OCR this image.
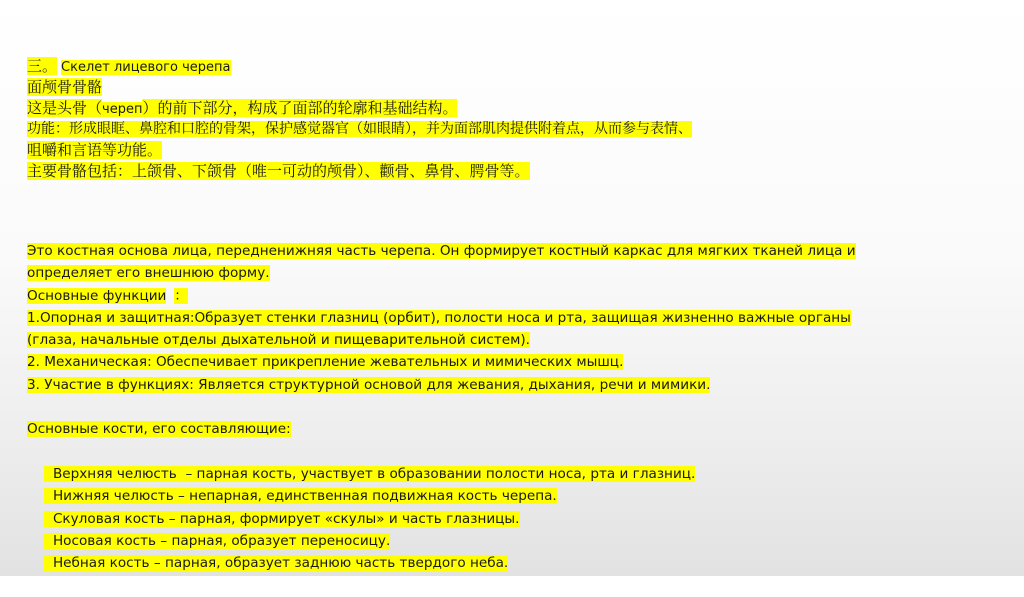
三。 Скелет лицевого черепа
面颅骨骨骼
这是头骨（череп）的前下部分，构成了面部的轮廓和基础结构。
功能：形成眼眶、鼻腔和口腔的骨架，保护感觉器官（如眼睛），并为面部肌肉提供附着点，从而参与表情、
咀嚼和言语等功能。
主要骨骼包括：上颌骨、下颌骨（唯一可动的颅骨）、颧骨、鼻骨、腭骨等。
Это костная основа лица, передненижняя часть черепа. Он формирует костный каркас для мягких тканей лица и
определяет его внешнюю форму.
Основные функции ：
1.Опорная и защитная:Образует стенки глазниц (орбит), полости носа и рта, защищая жизненно важные органы
(глаза, начальные отделы дыхательной и пищеварительной систем).
2. Механическая: Обеспечивает прикрепление жевательных и мимических мышц.
3. Участие в функциях: Является структурной основой для жевания, дыхания, речи и мимики.
Основные кости, его составляющие:

Верхняя челюсть  – парная кость, участвует в образовании полости носа, рта и глазниц.

Нижняя челюсть – непарная, единственная подвижная кость черепа.

Скуловая кость – парная, формирует «скулы» и часть глазницы.

Носовая кость – парная, образует переносицу.

Небная кость – парная, образует заднюю часть твердого неба.
